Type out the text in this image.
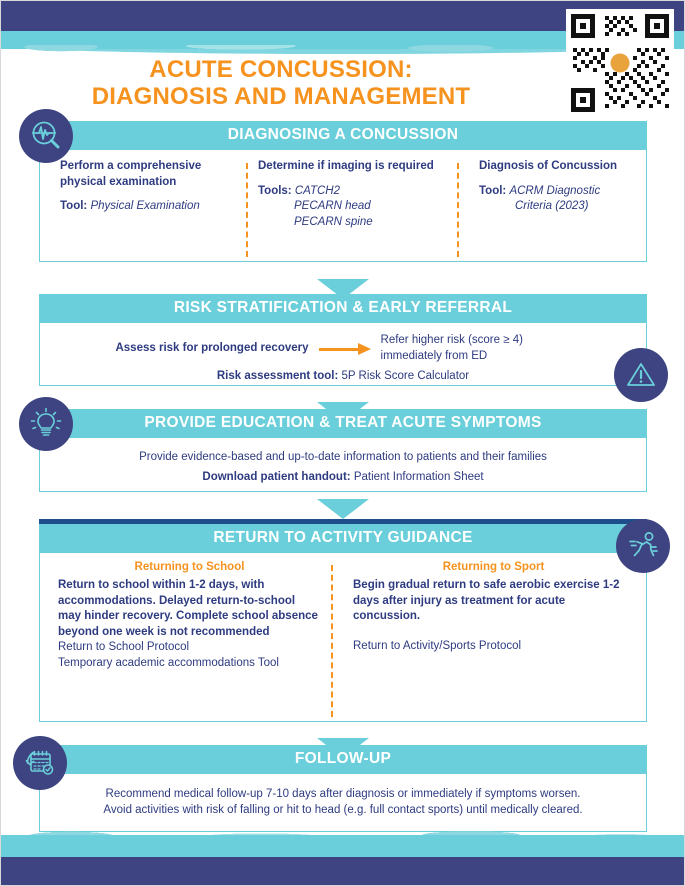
ACUTE CONCUSSION:
DIAGNOSIS AND MANAGEMENT
DIAGNOSING A CONCUSSION
Perform a comprehensive physical examination
Tool: Physical Examination
Determine if imaging is required
Tools: CATCH2
PECARN head
PECARN spine
Diagnosis of Concussion
Tool: ACRM Diagnostic
Criteria (2023)
RISK STRATIFICATION & EARLY REFERRAL
Assess risk for prolonged recovery
Refer higher risk (score ≥ 4)
immediately from ED
Risk assessment tool: 5P Risk Score Calculator
PROVIDE EDUCATION & TREAT ACUTE SYMPTOMS
Provide evidence-based and up-to-date information to patients and their families
Download patient handout: Patient Information Sheet
RETURN TO ACTIVITY GUIDANCE
Returning to School
Return to school within 1-2 days, with accommodations. Delayed return-to-school may hinder recovery. Complete school absence beyond one week is not recommended
Return to School Protocol
Temporary academic accommodations Tool
Returning to Sport
Begin gradual return to safe aerobic exercise 1-2 days after injury as treatment for acute concussion.
Return to Activity/Sports Protocol
FOLLOW-UP
Recommend medical follow-up 7-10 days after diagnosis or immediately if symptoms worsen.
Avoid activities with risk of falling or hit to head (e.g. full contact sports) until medically cleared.
